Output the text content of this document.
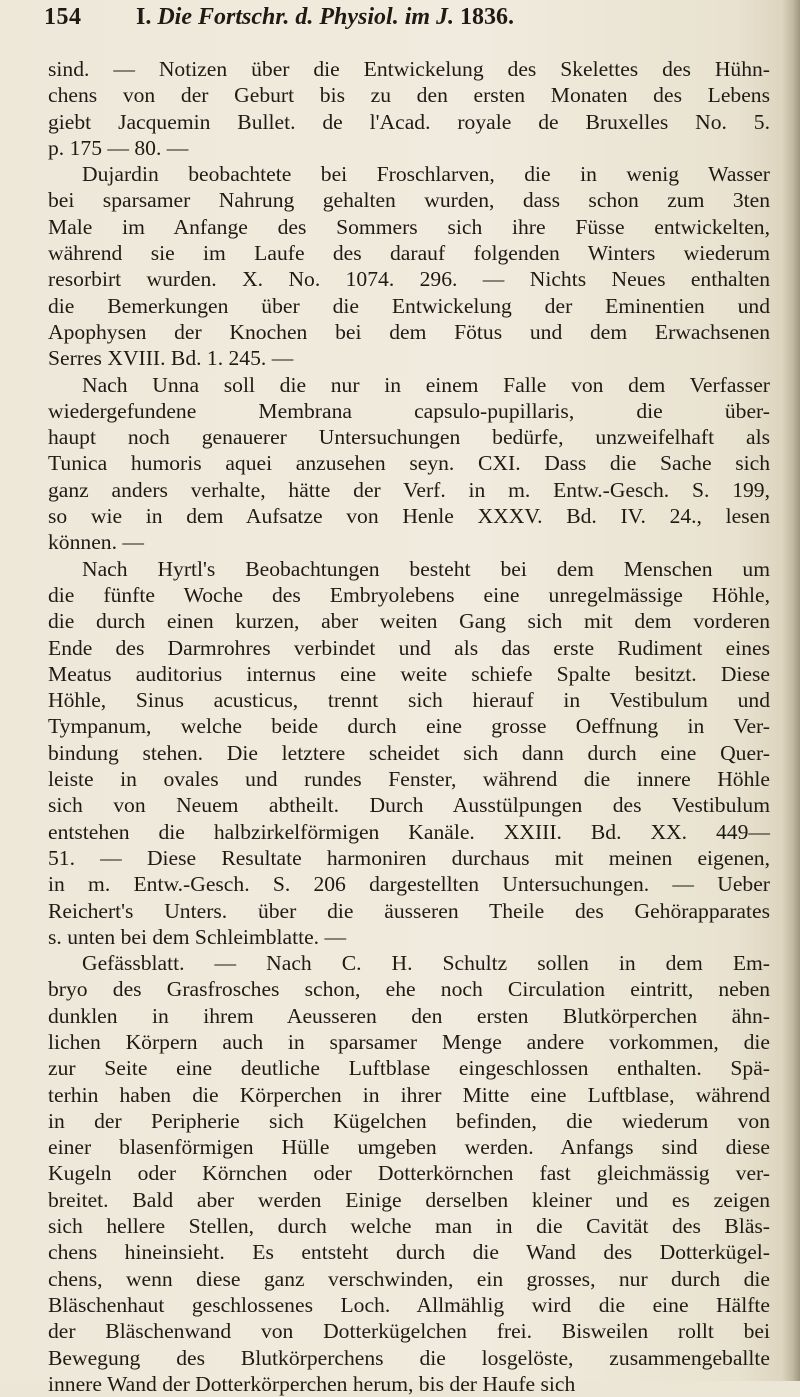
154 I. Die Fortschr. d. Physiol. im J. 1836.
sind. — Notizen über die Entwickelung des Skelettes des Hühn-
chens von der Geburt bis zu den ersten Monaten des Lebens
giebt Jacquemin Bullet. de l'Acad. royale de Bruxelles No. 5.
p. 175 — 80. —
Dujardin beobachtete bei Froschlarven, die in wenig Wasser
bei sparsamer Nahrung gehalten wurden, dass schon zum 3ten
Male im Anfange des Sommers sich ihre Füsse entwickelten,
während sie im Laufe des darauf folgenden Winters wiederum
resorbirt wurden. X. No. 1074. 296. — Nichts Neues enthalten
die Bemerkungen über die Entwickelung der Eminentien und
Apophysen der Knochen bei dem Fötus und dem Erwachsenen
Serres XVIII. Bd. 1. 245. —
Nach Unna soll die nur in einem Falle von dem Verfasser
wiedergefundene Membrana capsulo-pupillaris, die über-
haupt noch genauerer Untersuchungen bedürfe, unzweifelhaft als
Tunica humoris aquei anzusehen seyn. CXI. Dass die Sache sich
ganz anders verhalte, hätte der Verf. in m. Entw.-Gesch. S. 199,
so wie in dem Aufsatze von Henle XXXV. Bd. IV. 24., lesen
können. —
Nach Hyrtl's Beobachtungen besteht bei dem Menschen um
die fünfte Woche des Embryolebens eine unregelmässige Höhle,
die durch einen kurzen, aber weiten Gang sich mit dem vorderen
Ende des Darmrohres verbindet und als das erste Rudiment eines
Meatus auditorius internus eine weite schiefe Spalte besitzt. Diese
Höhle, Sinus acusticus, trennt sich hierauf in Vestibulum und
Tympanum, welche beide durch eine grosse Oeffnung in Ver-
bindung stehen. Die letztere scheidet sich dann durch eine Quer-
leiste in ovales und rundes Fenster, während die innere Höhle
sich von Neuem abtheilt. Durch Ausstülpungen des Vestibulum
entstehen die halbzirkelförmigen Kanäle. XXIII. Bd. XX. 449—
51. — Diese Resultate harmoniren durchaus mit meinen eigenen,
in m. Entw.-Gesch. S. 206 dargestellten Untersuchungen. — Ueber
Reichert's Unters. über die äusseren Theile des Gehörapparates
s. unten bei dem Schleimblatte. —
Gefässblatt. — Nach C. H. Schultz sollen in dem Em-
bryo des Grasfrosches schon, ehe noch Circulation eintritt, neben
dunklen in ihrem Aeusseren den ersten Blutkörperchen ähn-
lichen Körpern auch in sparsamer Menge andere vorkommen, die
zur Seite eine deutliche Luftblase eingeschlossen enthalten. Spä-
terhin haben die Körperchen in ihrer Mitte eine Luftblase, während
in der Peripherie sich Kügelchen befinden, die wiederum von
einer blasenförmigen Hülle umgeben werden. Anfangs sind diese
Kugeln oder Körnchen oder Dotterkörnchen fast gleichmässig ver-
breitet. Bald aber werden Einige derselben kleiner und es zeigen
sich hellere Stellen, durch welche man in die Cavität des Bläs-
chens hineinsieht. Es entsteht durch die Wand des Dotterkügel-
chens, wenn diese ganz verschwinden, ein grosses, nur durch die
Bläschenhaut geschlossenes Loch. Allmählig wird die eine Hälfte
der Bläschenwand von Dotterkügelchen frei. Bisweilen rollt bei
Bewegung des Blutkörperchens die losgelöste, zusammengeballte
innere Wand der Dotterkörperchen herum, bis der Haufe sich
